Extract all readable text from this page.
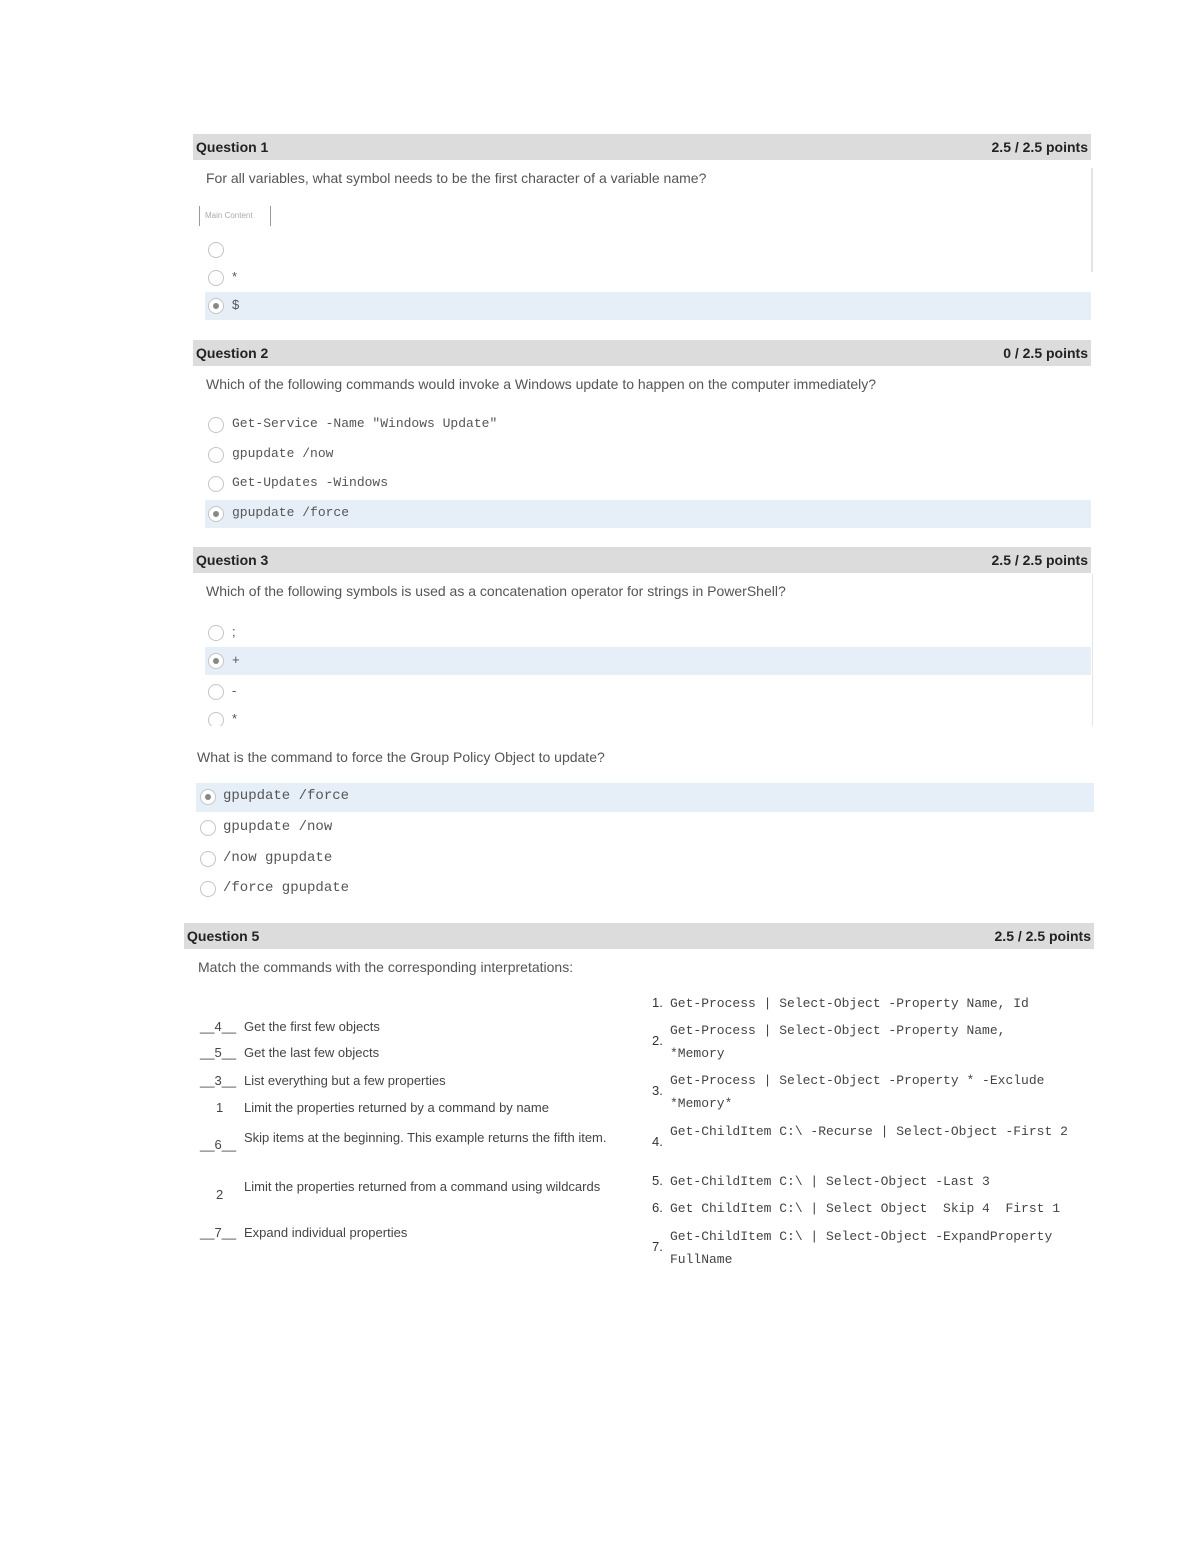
Question 1	2.5 / 2.5 points
For all variables, what symbol needs to be the first character of a variable name?
Main Content
*
$
Question 2	0 / 2.5 points
Which of the following commands would invoke a Windows update to happen on the computer immediately?
Get-Service -Name "Windows Update"
gpupdate /now
Get-Updates -Windows
gpupdate /force
Question 3	2.5 / 2.5 points
Which of the following symbols is used as a concatenation operator for strings in PowerShell?
;
+
-
*
What is the command to force the Group Policy Object to update?
gpupdate /force
gpupdate /now
/now gpupdate
/force gpupdate
Question 5	2.5 / 2.5 points
Match the commands with the corresponding interpretations:
__4__ Get the first few objects
__5__ Get the last few objects
__3__ List everything but a few properties
1 Limit the properties returned by a command by name
__6__ Skip items at the beginning. This example returns the fifth item.
2
Limit the properties returned from a command using wildcards
__7__ Expand individual properties
1. Get-Process | Select-Object -Property Name, Id
2.
Get-Process | Select-Object -Property Name, *Memory
3.
Get-Process | Select-Object -Property * -Exclude *Memory*
4.
Get-ChildItem C:\ -Recurse | Select-Object -First 2
5. Get-ChildItem C:\ | Select-Object -Last 3
6. Get ChildItem C:\ | Select Object  Skip 4  First 1
7.
Get-ChildItem C:\ | Select-Object -ExpandProperty FullName
